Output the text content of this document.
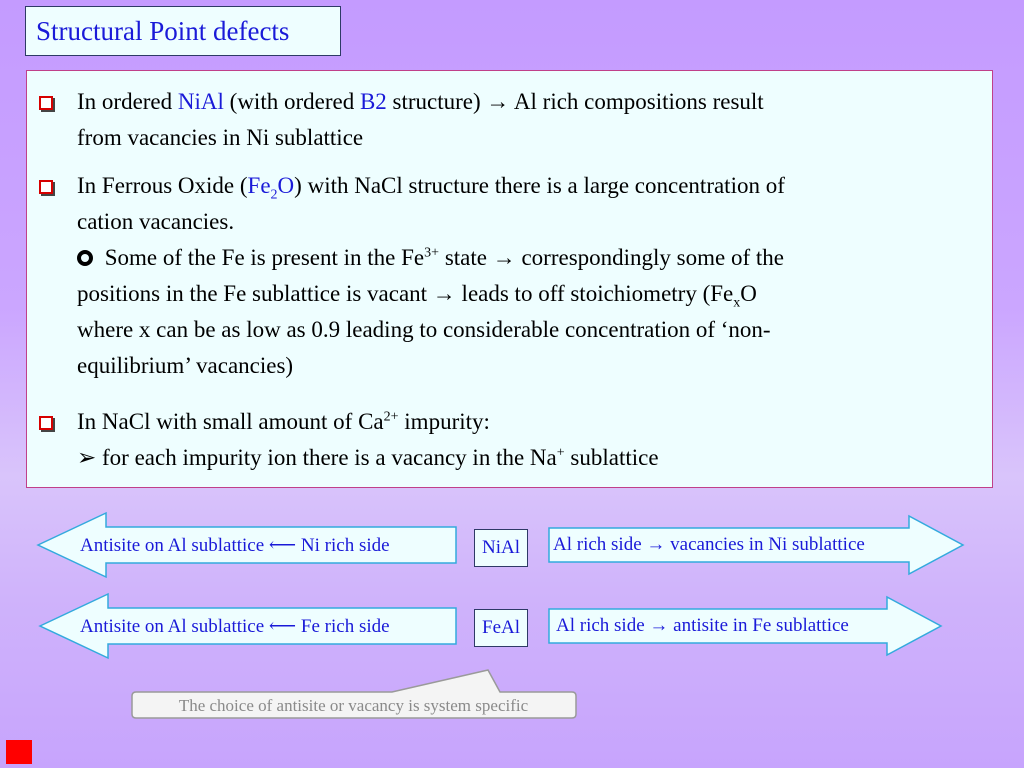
Structural Point defects
In ordered NiAl (with ordered B2 structure) → Al rich compositions result
from vacancies in Ni sublattice
In Ferrous Oxide $(Fe_2O)$ with NaCl structure there is a large concentration of
cation vacancies.
Some of the Fe is present in the $Fe^{3+}$ state → correspondingly some of the
positions in the Fe sublattice is vacant → leads to off stoichiometry ($Fe_xO$
where x can be as low as 0.9 leading to considerable concentration of ‘non-
equilibrium’ vacancies)
In NaCl with small amount of $Ca^{2+}$ impurity:
➢ for each impurity ion there is a vacancy in the Na+ sublattice
Antisite on Al sublattice ⟵ Ni rich side	NiAl	Al rich side → vacancies in Ni sublattice
Antisite on Al sublattice ⟵ Fe rich side	FeAl	Al rich side → antisite in Fe sublattice
The choice of antisite or vacancy is system specific
